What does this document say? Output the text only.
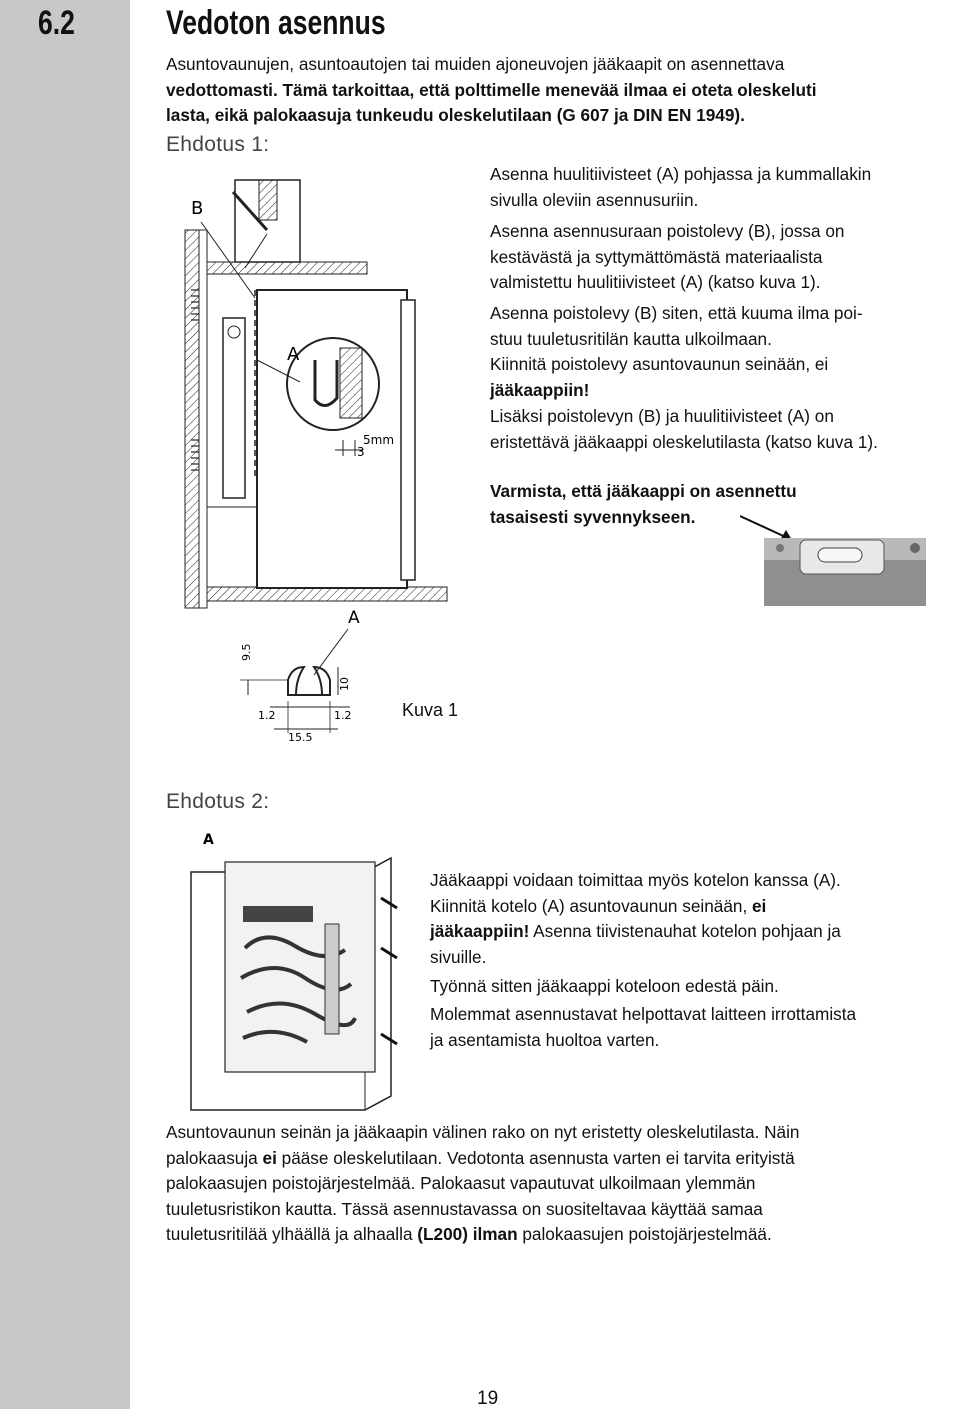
6.2	Vedoton asennus
Asuntovaunujen, asuntoautojen tai muiden ajoneuvojen jääkaapit on asennettava
vedottomasti. Tämä tarkoittaa, että polttimelle menevää ilmaa ei oteta oleskeluti
lasta, eikä palokaasuja tunkeudu oleskelutilaan (G 607 ja DIN EN 1949).
Ehdotus 1:
Asenna huulitiivisteet (A) pohjassa ja kummallakin
sivulla oleviin asennusuriin.
Asenna asennusuraan poistolevy (B), jossa on
kestävästä ja syttymättömästä materiaalista
valmistettu huulitiivisteet (A) (katso kuva 1).
Asenna poistolevy (B) siten, että kuuma ilma poi-
stuu tuuletusritilän kautta ulkoilmaan.
Kiinnitä poistolevy asuntovaunun seinään, ei
jääkaappiin!
Lisäksi poistolevyn (B) ja huulitiivisteet (A) on
eristettävä jääkaappi oleskelutilasta (katso kuva 1).
Varmista, että jääkaappi on asennettu
tasaisesti syvennykseen.
B
A
5mm
3
A
9.5
10
1.2	1.2
15.5
Kuva 1
Ehdotus 2:
A
Jääkaappi voidaan toimittaa myös kotelon kanssa (A).
Kiinnitä kotelo (A) asuntovaunun seinään, ei
jääkaappiin! Asenna tiivistenauhat kotelon pohjaan ja
sivuille.
Työnnä sitten jääkaappi koteloon edestä päin.
Molemmat asennustavat helpottavat laitteen irrottamista
ja asentamista huoltoa varten.
Asuntovaunun seinän ja jääkaapin välinen rako on nyt eristetty oleskelutilasta. Näin
palokaasuja ei pääse oleskelutilaan. Vedotonta asennusta varten ei tarvita erityistä
palokaasujen poistojärjestelmää. Palokaasut vapautuvat ulkoilmaan ylemmän
tuuletusristikon kautta. Tässä asennustavassa on suositeltavaa käyttää samaa
tuuletusritilää ylhäällä ja alhaalla (L200) ilman palokaasujen poistojärjestelmää.
19
